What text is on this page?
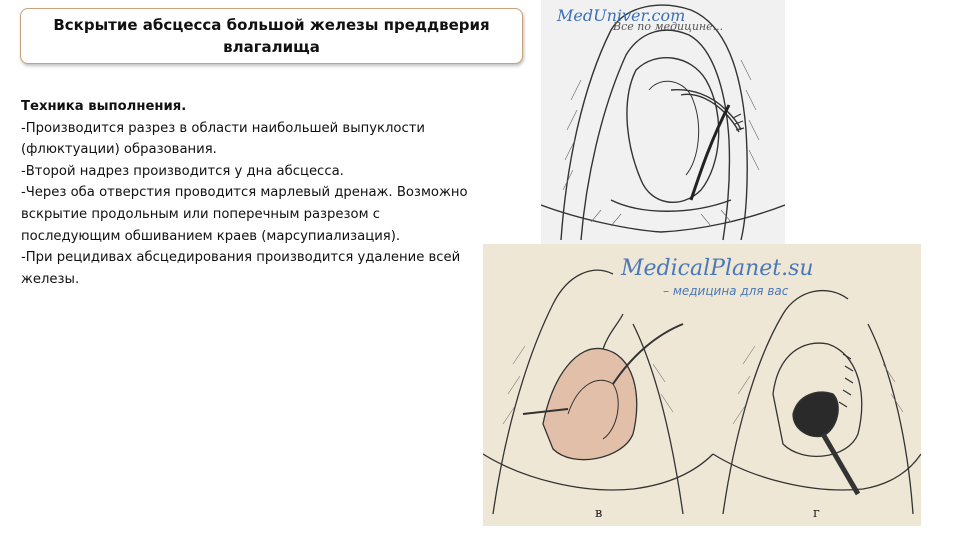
Вскрытие абсцесса большой железы преддверия влагалища

Техника выполнения.

-Производится разрез в области наибольшей выпуклости (флюктуации) образования.

-Второй надрез производится у дна абсцесса.

-Через оба отверстия проводится марлевый дренаж. Возможно вскрытие продольным или поперечным разрезом с последующим обшиванием краев (марсупиализация).

-При рецидивах абсцедирования производится удаление всей железы.

MedUniver.com
Все по медицине...
MedicalPlanet.su
– медицина для вас
в	г
